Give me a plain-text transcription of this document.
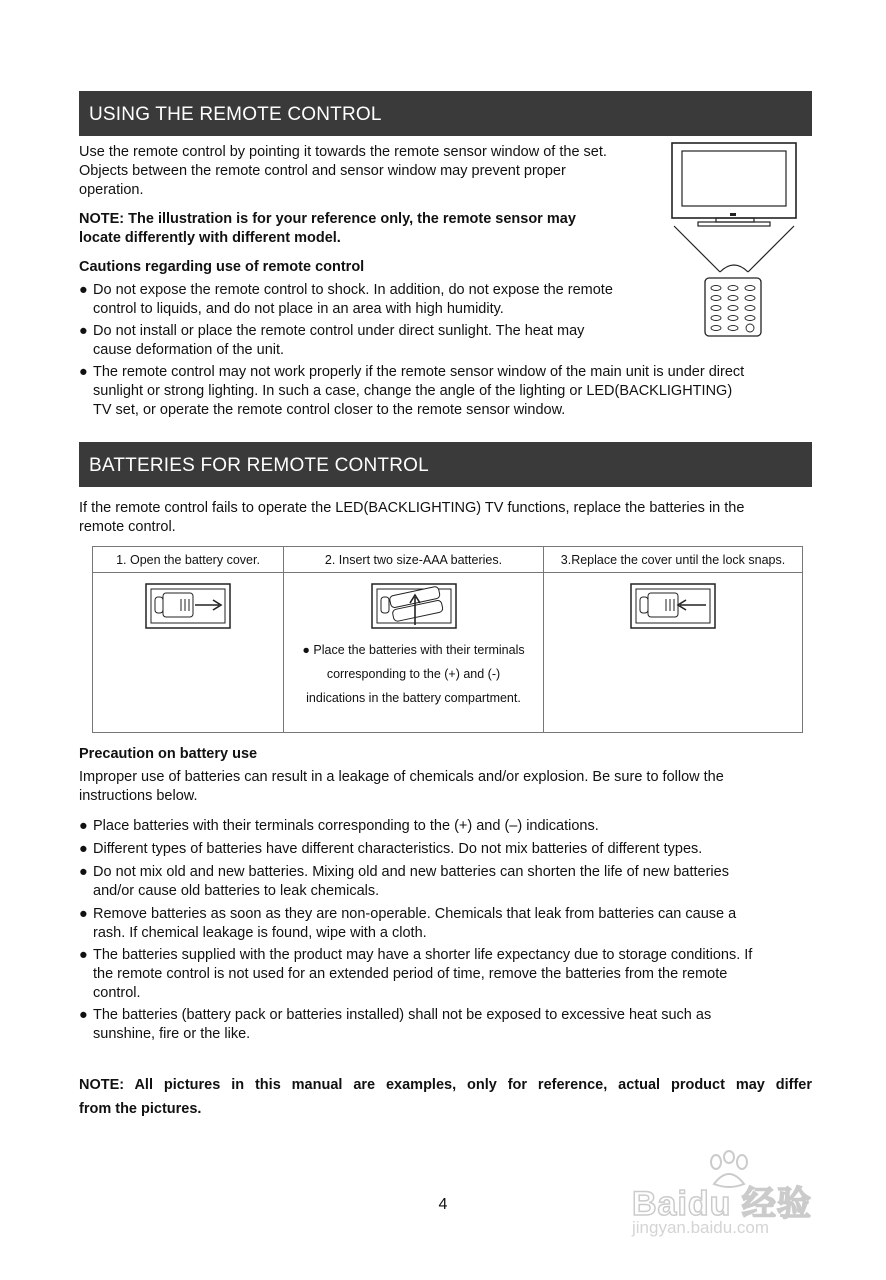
USING THE REMOTE CONTROL
Use the remote control by pointing it towards the remote sensor window of the set.
Objects between the remote control and sensor window may prevent proper
operation.
NOTE: The illustration is for your reference only, the remote sensor may
locate differently with different model.
Cautions regarding use of remote control
● Do not expose the remote control to shock. In addition, do not expose the remote
control to liquids, and do not place in an area with high humidity.
● Do not install or place the remote control under direct sunlight. The heat may
cause deformation of the unit.
● The remote control may not work properly if the remote sensor window of the main unit is under direct
sunlight or strong lighting. In such a case, change the angle of the lighting or LED(BACKLIGHTING)
TV set, or operate the remote control closer to the remote sensor window.
BATTERIES FOR REMOTE CONTROL
If the remote control fails to operate the LED(BACKLIGHTING) TV functions, replace the batteries in the
remote control.
1. Open the battery cover.	2. Insert two size-AAA batteries.	3.Replace the cover until the lock snaps.

● Place the batteries with their terminals
corresponding to the (+) and (-)
indications in the battery compartment.

Precaution on battery use
Improper use of batteries can result in a leakage of chemicals and/or explosion. Be sure to follow the
instructions below.
● Place batteries with their terminals corresponding to the (+) and (–) indications.
● Different types of batteries have different characteristics. Do not mix batteries of different types.
● Do not mix old and new batteries. Mixing old and new batteries can shorten the life of new batteries
and/or cause old batteries to leak chemicals.
● Remove batteries as soon as they are non-operable. Chemicals that leak from batteries can cause a
rash. If chemical leakage is found, wipe with a cloth.
● The batteries supplied with the product may have a shorter life expectancy due to storage conditions. If
the remote control is not used for an extended period of time, remove the batteries from the remote
control.
● The batteries (battery pack or batteries installed) shall not be exposed to excessive heat such as
sunshine, fire or the like.
NOTE: All pictures in this manual are examples, only for reference, actual product may differ
from the pictures.
4	Baidu 经验
jingyan.baidu.com
